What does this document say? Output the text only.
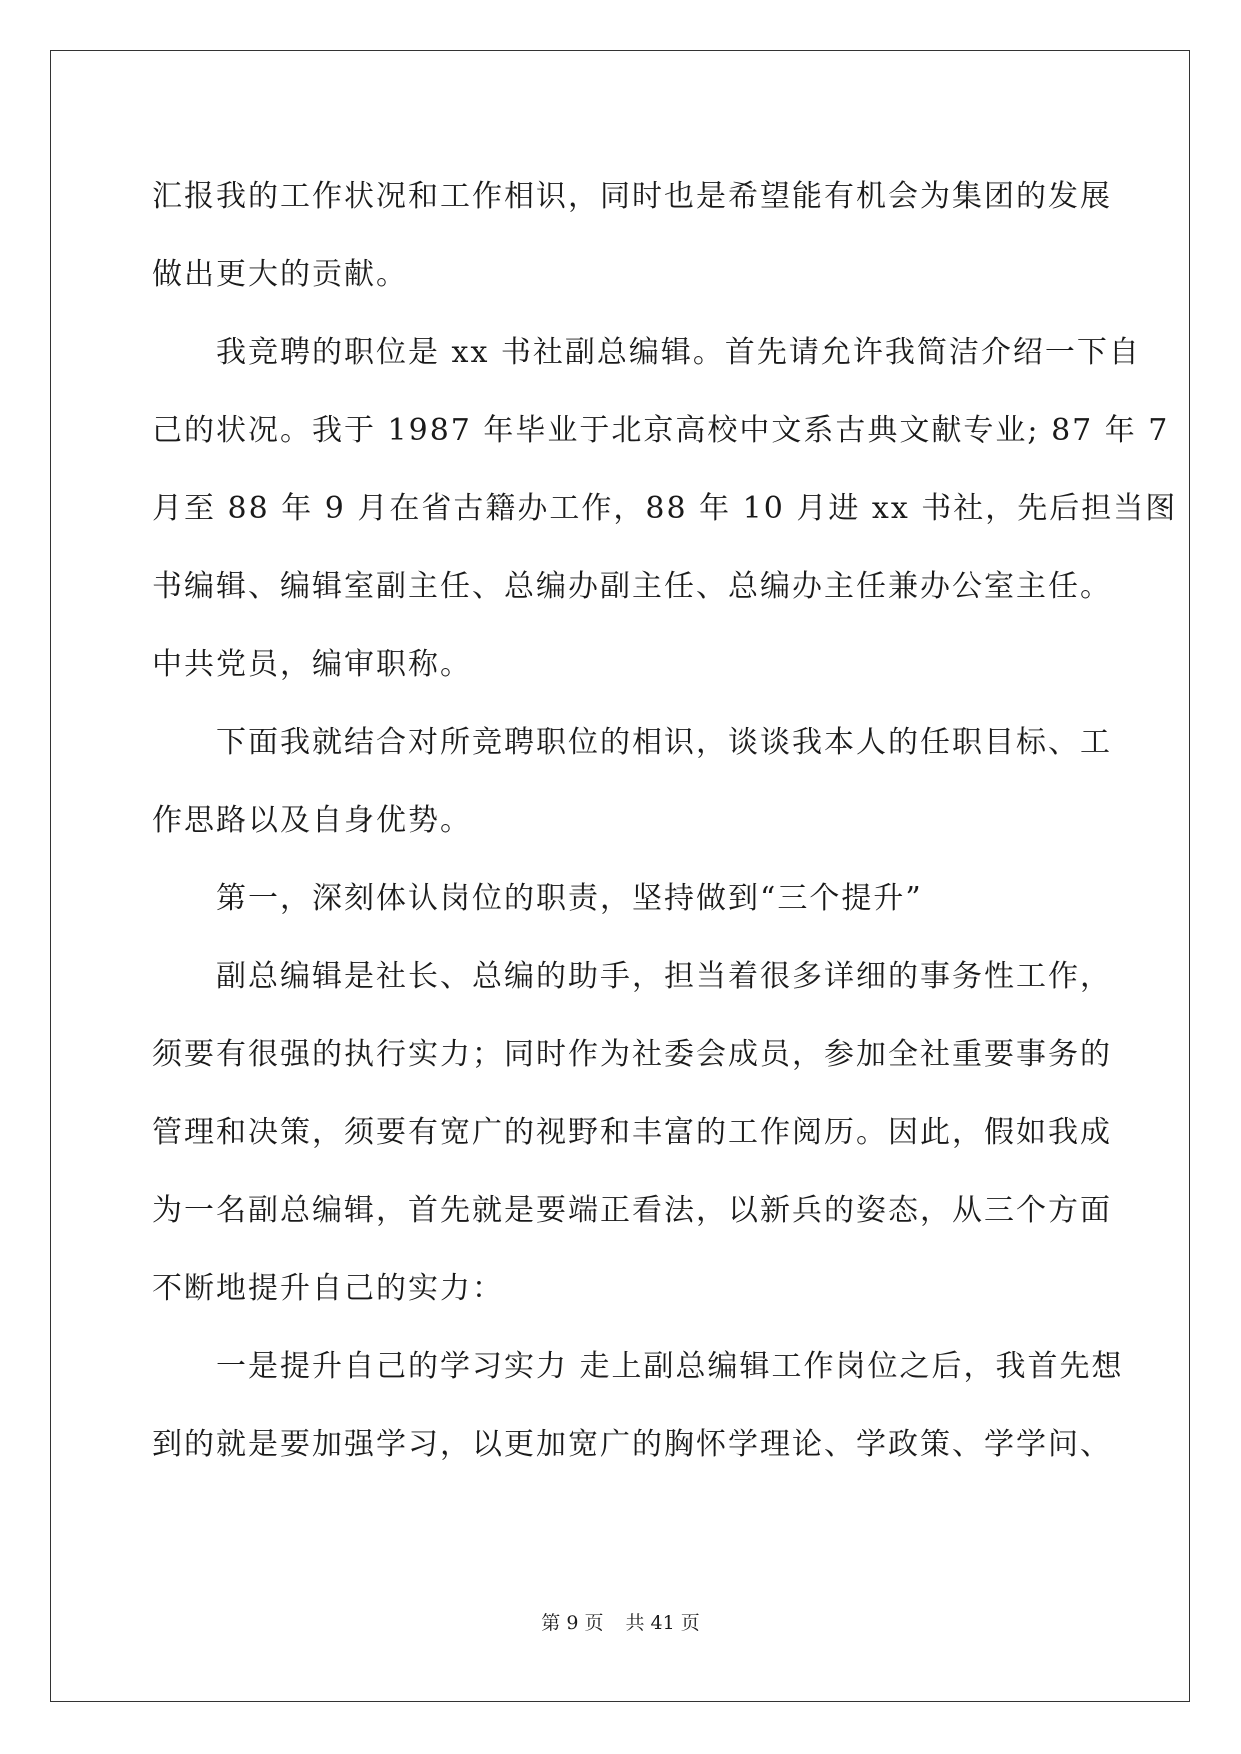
汇报我的工作状况和工作相识，同时也是希望能有机会为集团的发展
做出更大的贡献。
我竞聘的职位是 xx 书社副总编辑。首先请允许我简洁介绍一下自
己的状况。我于 1987 年毕业于北京高校中文系古典文献专业; 87 年 7
月至 88 年 9 月在省古籍办工作，88 年 10 月进 xx 书社，先后担当图
书编辑、编辑室副主任、总编办副主任、总编办主任兼办公室主任。
中共党员，编审职称。
下面我就结合对所竞聘职位的相识，谈谈我本人的任职目标、工
作思路以及自身优势。
第一，深刻体认岗位的职责，坚持做到“三个提升”
副总编辑是社长、总编的助手，担当着很多详细的事务性工作，
须要有很强的执行实力；同时作为社委会成员，参加全社重要事务的
管理和决策，须要有宽广的视野和丰富的工作阅历。因此，假如我成
为一名副总编辑，首先就是要端正看法，以新兵的姿态，从三个方面
不断地提升自己的实力：
一是提升自己的学习实力 走上副总编辑工作岗位之后，我首先想
到的就是要加强学习，以更加宽广的胸怀学理论、学政策、学学问、
第 9 页 共 41 页
